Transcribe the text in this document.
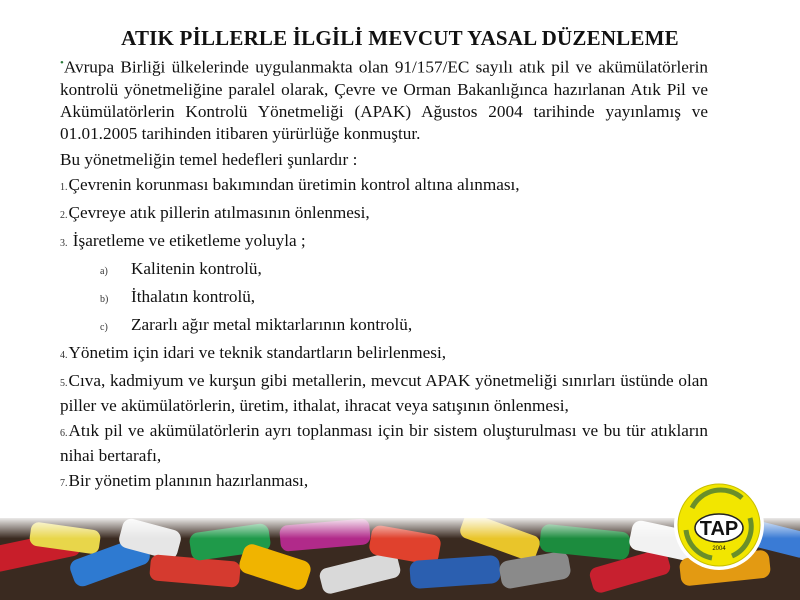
ATIK PİLLERLE İLGİLİ MEVCUT YASAL DÜZENLEME

•Avrupa Birliği ülkelerinde uygulanmakta olan 91/157/EC sayılı atık pil ve akümülatörlerin kontrolü yönetmeliğine paralel olarak, Çevre ve Orman Bakanlığınca hazırlanan Atık Pil ve Akümülatörlerin Kontrolü Yönetmeliği (APAK) Ağustos 2004 tarihinde yayınlamış ve 01.01.2005 tarihinden itibaren yürürlüğe konmuştur.

Bu yönetmeliğin temel hedefleri şunlardır :

1.Çevrenin korunması bakımından üretimin kontrol altına alınması,

2.Çevreye atık pillerin atılmasının önlenmesi,

3. İşaretleme ve etiketleme yoluyla ;

a) Kalitenin kontrolü,

b) İthalatın kontrolü,

c) Zararlı ağır metal miktarlarının kontrolü,

4.Yönetim için idari ve teknik standartların belirlenmesi,

5.Cıva, kadmiyum ve kurşun gibi metallerin, mevcut APAK yönetmeliği sınırları üstünde olan piller ve akümülatörlerin, üretim, ithalat, ihracat veya satışının önlenmesi,

6.Atık pil ve akümülatörlerin ayrı toplanması için bir sistem oluşturulması ve bu tür atıkların nihai bertarafı,

7.Bir yönetim planının hazırlanması,

TAP
2004
